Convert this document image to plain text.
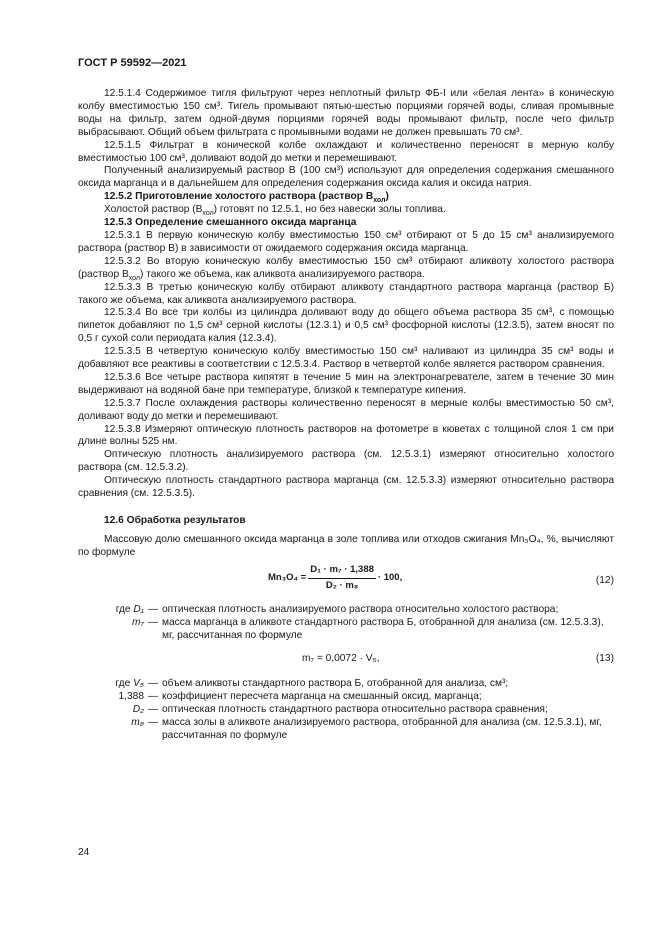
ГОСТ Р 59592—2021

12.5.1.4 Содержимое тигля фильтруют через неплотный фильтр ФБ-I или «белая лента» в коническую колбу вместимостью 150 см³. Тигель промывают пятью-шестью порциями горячей воды, сливая промывные воды на фильтр, затем одной-двумя порциями горячей воды промывают фильтр, после чего фильтр выбрасывают. Общий объем фильтрата с промывными водами не должен превышать 70 см³.

12.5.1.5 Фильтрат в конической колбе охлаждают и количественно переносят в мерную колбу вместимостью 100 см³, доливают водой до метки и перемешивают.

Полученный анализируемый раствор В (100 см³) используют для определения содержания смешанного оксида марганца и в дальнейшем для определения содержания оксида калия и оксида натрия.

12.5.2 Приготовление холостого раствора (раствор $B_{хол}$)

Холостой раствор $(B_{хол})$ готовят по 12.5.1, но без навески золы топлива.

12.5.3 Определение смешанного оксида марганца

12.5.3.1 В первую коническую колбу вместимостью 150 см³ отбирают от 5 до 15 см³ анализируемого раствора (раствор В) в зависимости от ожидаемого содержания оксида марганца.

12.5.3.2 Во вторую коническую колбу вместимостью 150 см³ отбирают аликвоту холостого раствора (раствор $B_{хол}$) такого же объема, как аликвота анализируемого раствора.

12.5.3.3 В третью коническую колбу отбирают аликвоту стандартного раствора марганца (раствор Б) такого же объема, как аликвота анализируемого раствора.

12.5.3.4 Во все три колбы из цилиндра доливают воду до общего объема раствора 35 см³, с помощью пипеток добавляют по 1,5 см³ серной кислоты (12.3.1) и 0,5 см³ фосфорной кислоты (12.3.5), затем вносят по 0,5 г сухой соли периодата калия (12.3.4).

12.5.3.5 В четвертую коническую колбу вместимостью 150 см³ наливают из цилиндра 35 см³ воды и добавляют все реактивы в соответствии с 12.5.3.4. Раствор в четвертой колбе является раствором сравнения.

12.5.3.6 Все четыре раствора кипятят в течение 5 мин на электронагревателе, затем в течение 30 мин выдерживают на водяной бане при температуре, близкой к температуре кипения.

12.5.3.7 После охлаждения растворы количественно переносят в мерные колбы вместимостью 50 см³, доливают воду до метки и перемешивают.

12.5.3.8 Измеряют оптическую плотность растворов на фотометре в кюветах с толщиной слоя 1 см при длине волны 525 нм.

Оптическую плотность анализируемого раствора (см. 12.5.3.1) измеряют относительно холостого раствора (см. 12.5.3.2).

Оптическую плотность стандартного раствора марганца (см. 12.5.3.3) измеряют относительно раствора сравнения (см. 12.5.3.5).

12.6 Обработка результатов

Массовую долю смешанного оксида марганца в золе топлива или отходов сжигания Mn₃O₄, %, вычисляют по формуле

$Mn_3O_4 = \frac{\text{D₁ · m₇ · 1,388}}{\text{D₂ · m₈}} \cdot 100$,	(12)
где D₁ — оптическая плотность анализируемого раствора относительно холостого раствора;
m₇ — масса марганца в аликвоте стандартного раствора Б, отобранной для анализа (см. 12.5.3.3), мг, рассчитанная по формуле
m₇ = 0,0072 · V₅,	(13)
где V₅ — объем аликвоты стандартного раствора Б, отобранной для анализа, см³;
1,388 — коэффициент пересчета марганца на смешанный оксид, марганца;
D₂ — оптическая плотность стандартного раствора относительно раствора сравнения;
m₈ — масса золы в аликвоте анализируемого раствора, отобранной для анализа (см. 12.5.3.1), мг, рассчитанная по формуле
24
